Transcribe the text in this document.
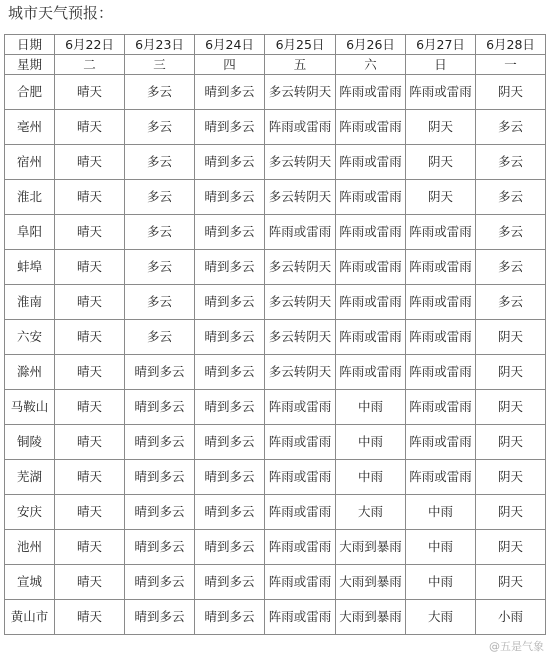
城市天气预报：
日期	6月22日	6月23日	6月24日	6月25日	6月26日	6月27日	6月28日
星期	二	三	四	五	六	日	一
合肥	晴天	多云	晴到多云	多云转阴天	阵雨或雷雨	阵雨或雷雨	阴天
亳州	晴天	多云	晴到多云	阵雨或雷雨	阵雨或雷雨	阴天	多云
宿州	晴天	多云	晴到多云	多云转阴天	阵雨或雷雨	阴天	多云
淮北	晴天	多云	晴到多云	多云转阴天	阵雨或雷雨	阴天	多云
阜阳	晴天	多云	晴到多云	阵雨或雷雨	阵雨或雷雨	阵雨或雷雨	多云
蚌埠	晴天	多云	晴到多云	多云转阴天	阵雨或雷雨	阵雨或雷雨	多云
淮南	晴天	多云	晴到多云	多云转阴天	阵雨或雷雨	阵雨或雷雨	多云
六安	晴天	多云	晴到多云	多云转阴天	阵雨或雷雨	阵雨或雷雨	阴天
滁州	晴天	晴到多云	晴到多云	多云转阴天	阵雨或雷雨	阵雨或雷雨	阴天
马鞍山	晴天	晴到多云	晴到多云	阵雨或雷雨	中雨	阵雨或雷雨	阴天
铜陵	晴天	晴到多云	晴到多云	阵雨或雷雨	中雨	阵雨或雷雨	阴天
芜湖	晴天	晴到多云	晴到多云	阵雨或雷雨	中雨	阵雨或雷雨	阴天
安庆	晴天	晴到多云	晴到多云	阵雨或雷雨	大雨	中雨	阴天
池州	晴天	晴到多云	晴到多云	阵雨或雷雨	大雨到暴雨	中雨	阴天
宣城	晴天	晴到多云	晴到多云	阵雨或雷雨	大雨到暴雨	中雨	阴天
黄山市	晴天	晴到多云	晴到多云	阵雨或雷雨	大雨到暴雨	大雨	小雨
@五是气象
